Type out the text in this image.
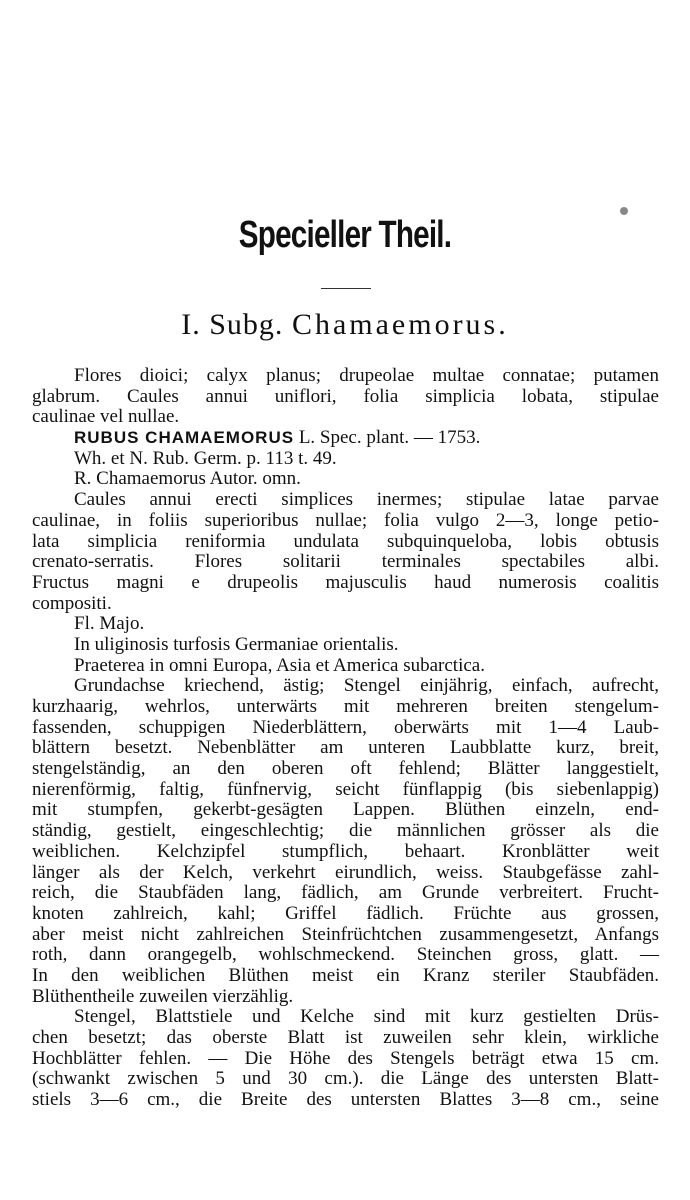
Specieller Theil.
I. Subg. Chamaemorus.
Flores dioici; calyx planus; drupeolae multae connatae; putamen
glabrum. Caules annui uniflori, folia simplicia lobata, stipulae
caulinae vel nullae.
RUBUS CHAMAEMORUS L. Spec. plant. — 1753.
Wh. et N. Rub. Germ. p. 113 t. 49.
R. Chamaemorus Autor. omn.
Caules annui erecti simplices inermes; stipulae latae parvae
caulinae, in foliis superioribus nullae; folia vulgo 2—3, longe petio-
lata simplicia reniformia undulata subquinqueloba, lobis obtusis
crenato-serratis. Flores solitarii terminales spectabiles albi.
Fructus magni e drupeolis majusculis haud numerosis coalitis
compositi.
Fl. Majo.
In uliginosis turfosis Germaniae orientalis.
Praeterea in omni Europa, Asia et America subarctica.
Grundachse kriechend, ästig; Stengel einjährig, einfach, aufrecht,
kurzhaarig, wehrlos, unterwärts mit mehreren breiten stengelum-
fassenden, schuppigen Niederblättern, oberwärts mit 1—4 Laub-
blättern besetzt. Nebenblätter am unteren Laubblatte kurz, breit,
stengelständig, an den oberen oft fehlend; Blätter langgestielt,
nierenförmig, faltig, fünfnervig, seicht fünflappig (bis siebenlappig)
mit stumpfen, gekerbt-gesägten Lappen. Blüthen einzeln, end-
ständig, gestielt, eingeschlechtig; die männlichen grösser als die
weiblichen. Kelchzipfel stumpflich, behaart. Kronblätter weit
länger als der Kelch, verkehrt eirundlich, weiss. Staubgefässe zahl-
reich, die Staubfäden lang, fädlich, am Grunde verbreitert. Frucht-
knoten zahlreich, kahl; Griffel fädlich. Früchte aus grossen,
aber meist nicht zahlreichen Steinfrüchtchen zusammengesetzt, Anfangs
roth, dann orangegelb, wohlschmeckend. Steinchen gross, glatt. —
In den weiblichen Blüthen meist ein Kranz steriler Staubfäden.
Blüthentheile zuweilen vierzählig.
Stengel, Blattstiele und Kelche sind mit kurz gestielten Drüs-
chen besetzt; das oberste Blatt ist zuweilen sehr klein, wirkliche
Hochblätter fehlen. — Die Höhe des Stengels beträgt etwa 15 cm.
(schwankt zwischen 5 und 30 cm.). die Länge des untersten Blatt-
stiels 3—6 cm., die Breite des untersten Blattes 3—8 cm., seine
